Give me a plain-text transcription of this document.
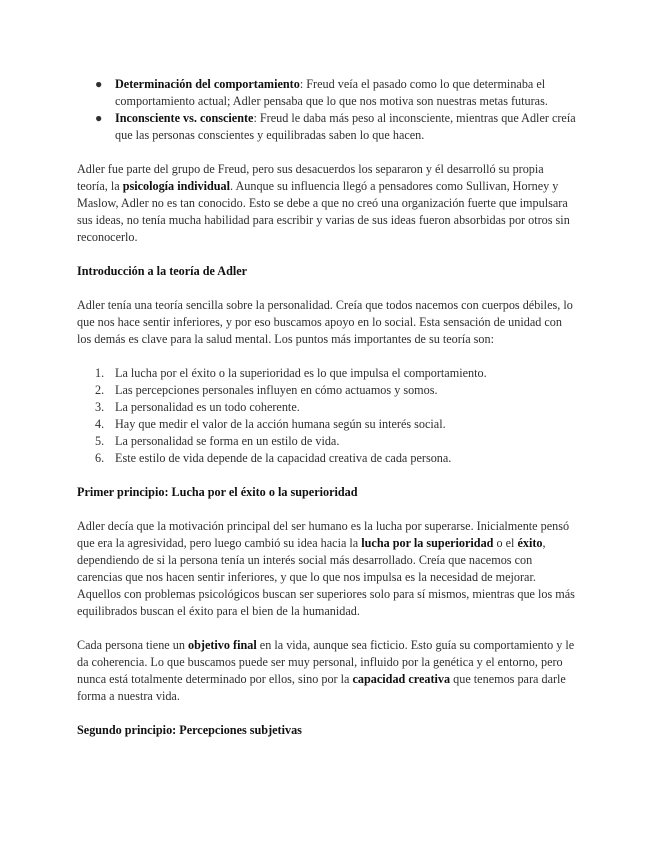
● Determinación del comportamiento: Freud veía el pasado como lo que determinaba el comportamiento actual; Adler pensaba que lo que nos motiva son nuestras metas futuras.
● Inconsciente vs. consciente: Freud le daba más peso al inconsciente, mientras que Adler creía que las personas conscientes y equilibradas saben lo que hacen.

Adler fue parte del grupo de Freud, pero sus desacuerdos los separaron y él desarrolló su propia teoría, la psicología individual. Aunque su influencia llegó a pensadores como Sullivan, Horney y Maslow, Adler no es tan conocido. Esto se debe a que no creó una organización fuerte que impulsara sus ideas, no tenía mucha habilidad para escribir y varias de sus ideas fueron absorbidas por otros sin reconocerlo.

Introducción a la teoría de Adler

Adler tenía una teoría sencilla sobre la personalidad. Creía que todos nacemos con cuerpos débiles, lo que nos hace sentir inferiores, y por eso buscamos apoyo en lo social. Esta sensación de unidad con los demás es clave para la salud mental. Los puntos más importantes de su teoría son:

1. La lucha por el éxito o la superioridad es lo que impulsa el comportamiento.
2. Las percepciones personales influyen en cómo actuamos y somos.
3. La personalidad es un todo coherente.
4. Hay que medir el valor de la acción humana según su interés social.
5. La personalidad se forma en un estilo de vida.
6. Este estilo de vida depende de la capacidad creativa de cada persona.
Primer principio: Lucha por el éxito o la superioridad

Adler decía que la motivación principal del ser humano es la lucha por superarse. Inicialmente pensó que era la agresividad, pero luego cambió su idea hacia la lucha por la superioridad o el éxito, dependiendo de si la persona tenía un interés social más desarrollado. Creía que nacemos con carencias que nos hacen sentir inferiores, y que lo que nos impulsa es la necesidad de mejorar. Aquellos con problemas psicológicos buscan ser superiores solo para sí mismos, mientras que los más equilibrados buscan el éxito para el bien de la humanidad.

Cada persona tiene un objetivo final en la vida, aunque sea ficticio. Esto guía su comportamiento y le da coherencia. Lo que buscamos puede ser muy personal, influido por la genética y el entorno, pero nunca está totalmente determinado por ellos, sino por la capacidad creativa que tenemos para darle forma a nuestra vida.

Segundo principio: Percepciones subjetivas
